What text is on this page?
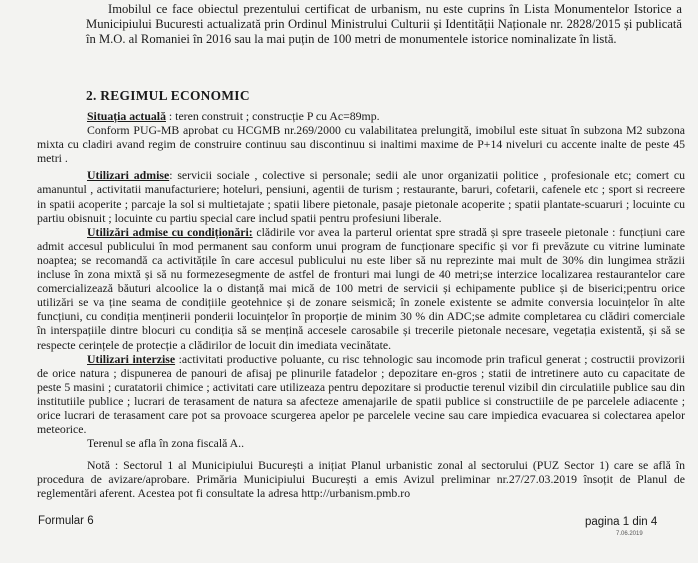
Imobilul ce face obiectul prezentului certificat de urbanism, nu este cuprins în Lista Monumentelor Istorice a Municipiului Bucuresti actualizată prin Ordinul Ministrului Culturii și Identității Naționale nr. 2828/2015 și publicată în M.O. al Romaniei în 2016 sau la mai puțin de 100 metri de monumentele istorice nominalizate în listă.

2. REGIMUL ECONOMIC

Situația actuală : teren construit ; construcție P cu Ac=89mp.

Conform PUG-MB aprobat cu HCGMB nr.269/2000 cu valabilitatea prelungită, imobilul este situat în subzona M2 subzona mixta cu cladiri avand regim de construire continuu sau discontinuu si inaltimi maxime de P+14 niveluri cu accente inalte de peste 45 metri .

Utilizari admise: servicii sociale , colective si personale; sedii ale unor organizatii politice , profesionale etc; comert cu amanuntul , activitatii manufacturiere; hoteluri, pensiuni, agentii de turism ; restaurante, baruri, cofetarii, cafenele etc ; sport si recreere in spatii acoperite ; parcaje la sol si multietajate ; spatii libere pietonale, pasaje pietonale acoperite ; spatii plantate-scuaruri ; locuinte cu partiu obisnuit ; locuinte cu partiu special care includ spatii pentru profesiuni liberale.

Utilizări admise cu condiționări: clădirile vor avea la parterul orientat spre stradă și spre traseele pietonale : funcțiuni care admit accesul publicului în mod permanent sau conform unui program de funcționare specific și vor fi prevăzute cu vitrine luminate noaptea; se recomandă ca activitățile în care accesul publicului nu este liber să nu reprezinte mai mult de 30% din lungimea străzii incluse în zona mixtă și să nu formezesegmente de astfel de fronturi mai lungi de 40 metri;se interzice localizarea restaurantelor care comercializează băuturi alcoolice la o distanță mai mică de 100 metri de servicii și echipamente publice și de biserici;pentru orice utilizări se va ține seama de condițiile geotehnice și de zonare seismică; în zonele existente se admite conversia locuințelor în alte funcțiuni, cu condiția menținerii ponderii locuințelor în proporție de minim 30 % din ADC;se admite completarea cu clădiri comerciale în interspațiile dintre blocuri cu condiția să se mențină accesele carosabile și trecerile pietonale necesare, vegetația existentă, și să se respecte cerințele de protecție a clădirilor de locuit din imediata vecinătate.

Utilizari interzise :activitati productive poluante, cu risc tehnologic sau incomode prin traficul generat ; costructii provizorii de orice natura ; dispunerea de panouri de afisaj pe plinurile fatadelor ; depozitare en-gros ; statii de intretinere auto cu capacitate de peste 5 masini ; curatatorii chimice ; activitati care utilizeaza pentru depozitare si productie terenul vizibil din circulatiile publice sau din institutiile publice ; lucrari de terasament de natura sa afecteze amenajarile de spatii publice si constructiile de pe parcelele adiacente ; orice lucrari de terasament care pot sa provoace scurgerea apelor pe parcelele vecine sau care impiedica evacuarea si colectarea apelor meteorice.

Terenul se afla în zona fiscală A..

Notă : Sectorul 1 al Municipiului București a inițiat Planul urbanistic zonal al sectorului (PUZ Sector 1) care se află în procedura de avizare/aprobare. Primăria Municipiului București a emis Avizul preliminar nr.27/27.03.2019 însoțit de Planul de reglementări aferent. Acestea pot fi consultate la adresa http://urbanism.pmb.ro

Formular 6	pagina 1 din 4
7.06.2019
